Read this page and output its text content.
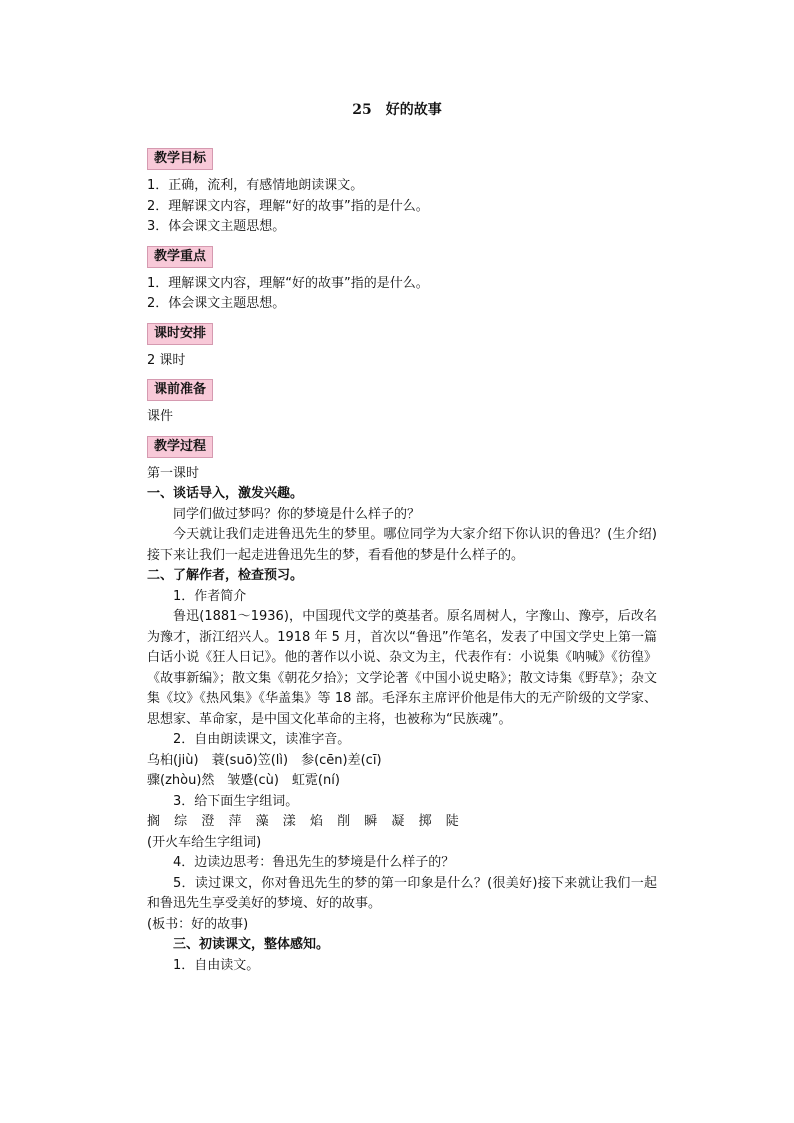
25　好的故事
教学目标

1．正确，流利，有感情地朗读课文。

2．理解课文内容，理解“好的故事”指的是什么。

3．体会课文主题思想。

教学重点

1．理解课文内容，理解“好的故事”指的是什么。

2．体会课文主题思想。

课时安排

2 课时

课前准备

课件

教学过程

第一课时

一、谈话导入，激发兴趣。

同学们做过梦吗？你的梦境是什么样子的？

今天就让我们走进鲁迅先生的梦里。哪位同学为大家介绍下你认识的鲁迅？(生介绍)接下来让我们一起走进鲁迅先生的梦，看看他的梦是什么样子的。

二、了解作者，检查预习。

1．作者简介

鲁迅(1881～1936)，中国现代文学的奠基者。原名周树人，字豫山、豫亭，后改名为豫才，浙江绍兴人。1918 年 5 月，首次以“鲁迅”作笔名，发表了中国文学史上第一篇白话小说《狂人日记》。他的著作以小说、杂文为主，代表作有：小说集《呐喊》《彷徨》《故事新编》；散文集《朝花夕拾》；文学论著《中国小说史略》；散文诗集《野草》；杂文集《坟》《热风集》《华盖集》等 18 部。毛泽东主席评价他是伟大的无产阶级的文学家、思想家、革命家，是中国文化革命的主将，也被称为“民族魂”。

2．自由朗读课文，读准字音。

乌桕(jiù)　蓑(suō)笠(lì)　参(cēn)差(cī)

骤(zhòu)然　皱蹙(cù)　虹霓(ní)

3．给下面生字组词。

搁 综 澄 萍 藻 漾 焰 削 瞬 凝 掷 陡

(开火车给生字组词)

4．边读边思考：鲁迅先生的梦境是什么样子的？

5．读过课文，你对鲁迅先生的梦的第一印象是什么？(很美好)接下来就让我们一起和鲁迅先生享受美好的梦境、好的故事。

(板书：好的故事)

三、初读课文，整体感知。

1．自由读文。
